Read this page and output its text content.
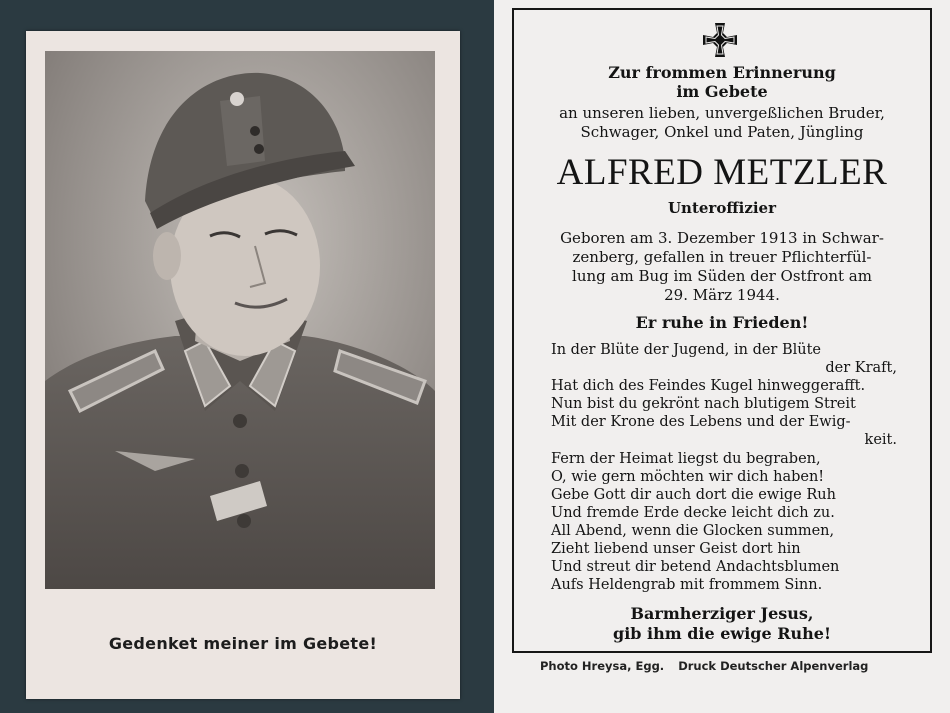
Gedenket meiner im Gebete!
Zur frommen Erinnerung
im Gebete
an unseren lieben, unvergeßlichen Bruder,
Schwager, Onkel und Paten, Jüngling
ALFRED METZLER
Unteroffizier
Geboren am 3. Dezember 1913 in Schwar-
zenberg, gefallen in treuer Pflichterfül-
lung am Bug im Süden der Ostfront am
29. März 1944.
Er ruhe in Frieden!
In der Blüte der Jugend, in der Blüte
der Kraft,
Hat dich des Feindes Kugel hinweggerafft.
Nun bist du gekrönt nach blutigem Streit
Mit der Krone des Lebens und der Ewig-
keit.
Fern der Heimat liegst du begraben,
O, wie gern möchten wir dich haben!
Gebe Gott dir auch dort die ewige Ruh
Und fremde Erde decke leicht dich zu.
All Abend, wenn die Glocken summen,
Zieht liebend unser Geist dort hin
Und streut dir betend Andachtsblumen
Aufs Heldengrab mit frommem Sinn.
Barmherziger Jesus,
gib ihm die ewige Ruhe!
Photo Hreysa, Egg. Druck Deutscher Alpenverlag
